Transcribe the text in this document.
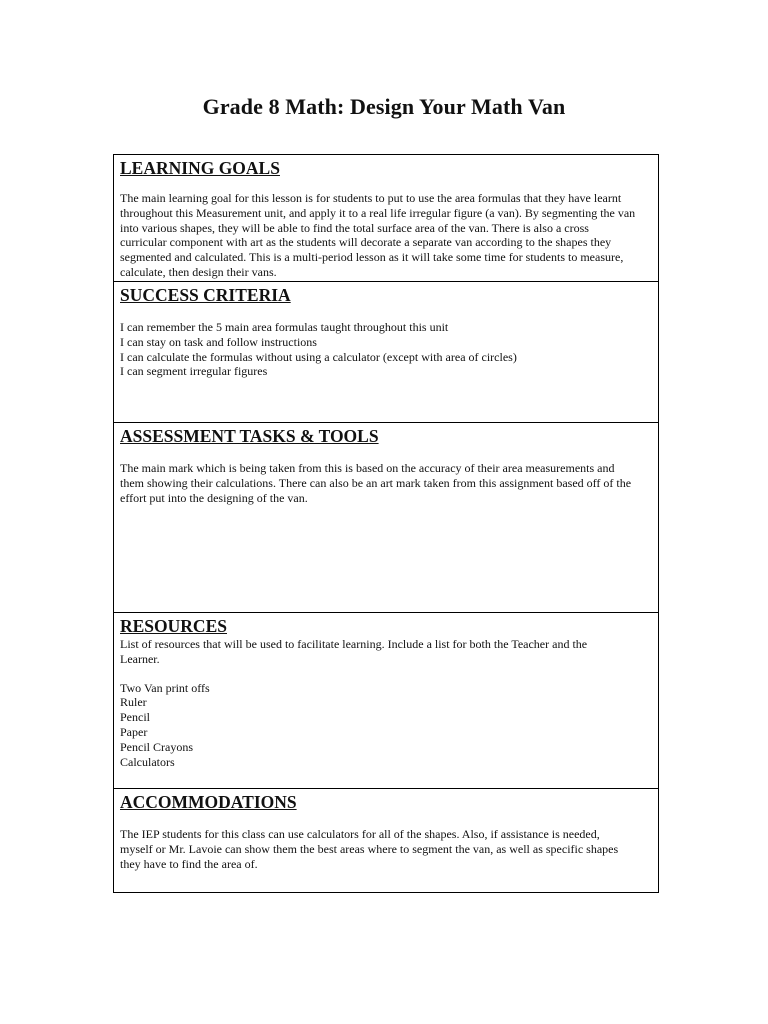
Grade 8 Math: Design Your Math Van

LEARNING GOALS

The main learning goal for this lesson is for students to put to use the area formulas that they have learnt

throughout this Measurement unit, and apply it to a real life irregular figure (a van). By segmenting the van

into various shapes, they will be able to find the total surface area of the van. There is also a cross

curricular component with art as the students will decorate a separate van according to the shapes they

segmented and calculated. This is a multi-period lesson as it will take some time for students to measure,

calculate, then design their vans.

SUCCESS CRITERIA

I can remember the 5 main area formulas taught throughout this unit
I can stay on task and follow instructions
I can calculate the formulas without using a calculator (except with area of circles)
I can segment irregular figures

ASSESSMENT TASKS & TOOLS

The main mark which is being taken from this is based on the accuracy of their area measurements and

them showing their calculations. There can also be an art mark taken from this assignment based off of the

effort put into the designing of the van.

RESOURCES

List of resources that will be used to facilitate learning. Include a list for both the Teacher and the

Learner.

Two Van print offs
Ruler
Pencil
Paper
Pencil Crayons
Calculators

ACCOMMODATIONS

The IEP students for this class can use calculators for all of the shapes. Also, if assistance is needed,

myself or Mr. Lavoie can show them the best areas where to segment the van, as well as specific shapes

they have to find the area of.
